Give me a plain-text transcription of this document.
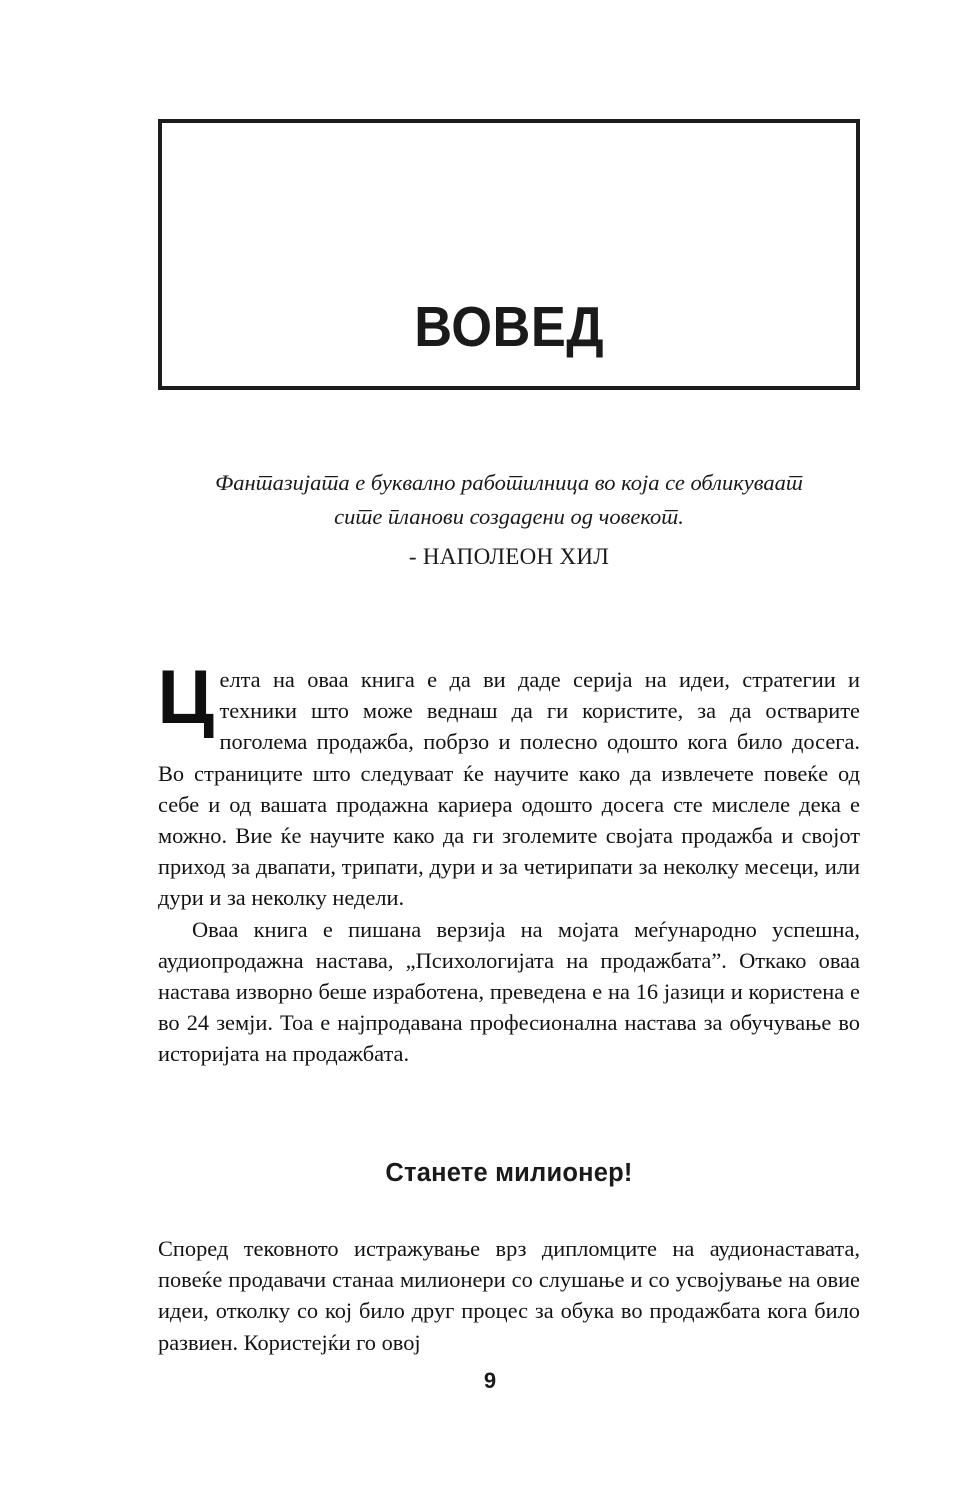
ВОВЕД

Фантазијата е буквално работилница во која се обликуваат

сите планови создадени од човекот.

- НАПОЛЕОН ХИЛ

Целта на оваа книга е да ви даде серија на идеи, стратегии и техники што може веднаш да ги користите, за да остварите поголема продажба, побрзо и полесно одошто кога било досега. Во страниците што следуваат ќе научите како да извлечете повеќе од себе и од вашата продажна кариера одошто досега сте мислеле дека е можно. Вие ќе научите како да ги зголемите својата продажба и својот приход за двапати, трипати, дури и за четирипати за неколку месеци, или дури и за неколку недели.

Оваа книга е пишана верзија на мојата меѓународно успешна, аудиопродажна настава, „Психологијата на продажбата”. Откако оваа настава изворно беше изработена, преведена е на 16 јазици и користена е во 24 земји. Тоа е најпродавана професионална настава за обучување во историјата на продажбата.

Станете милионер!

Според тековното истражување врз дипломците на аудионаставата, повеќе продавачи станаа милионери со слушање и со усвојување на овие идеи, отколку со кој било друг процес за обука во продажбата кога било развиен. Користејќи го овој

9
